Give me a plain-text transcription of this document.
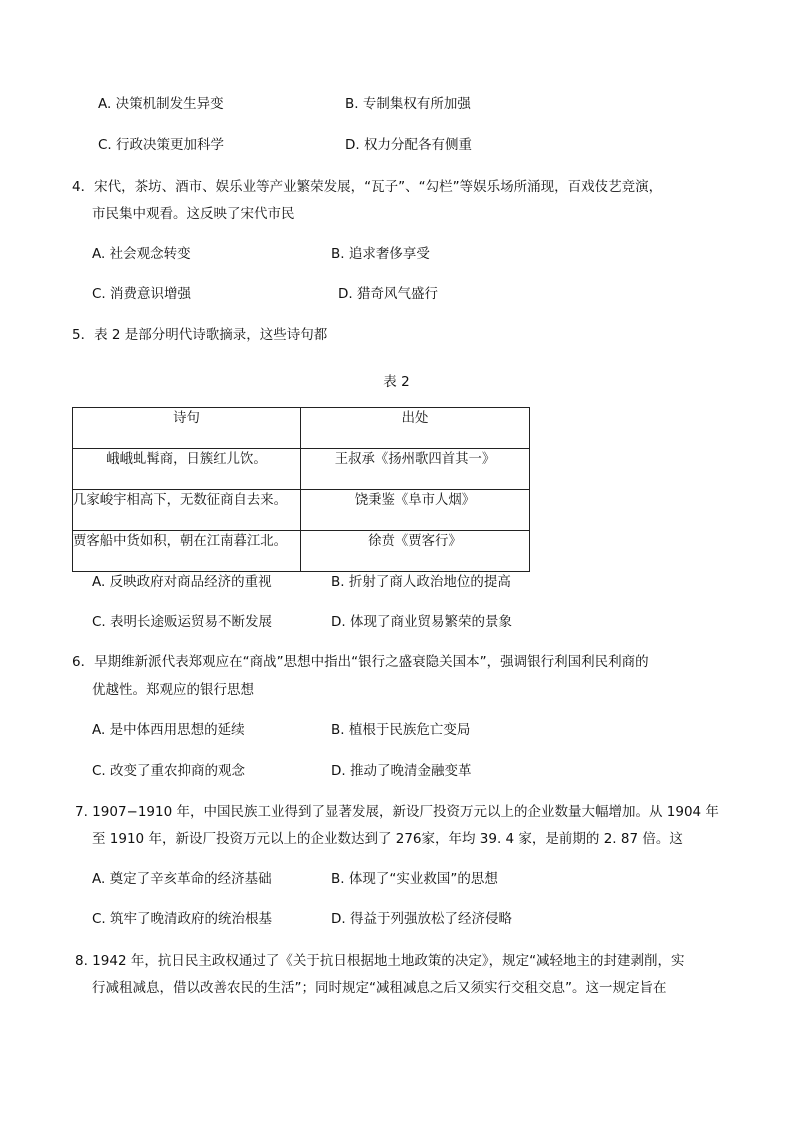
A. 决策机制发生异变	B. 专制集权有所加强
C. 行政决策更加科学	D. 权力分配各有侧重
4．宋代，茶坊、酒市、娱乐业等产业繁荣发展，“瓦子”、“勾栏”等娱乐场所涌现，百戏伎艺竞演，
市民集中观看。这反映了宋代市民
A. 社会观念转变	B. 追求奢侈享受
C. 消费意识增强	D. 猎奇风气盛行
5．表 2 是部分明代诗歌摘录，这些诗句都
表 2
诗句	出处

峨峨虬髯商，日簇红儿饮。	王叔承《扬州歌四首其一》

几家峻宇相高下，无数征商自去来。	饶秉鉴《阜市人烟》

贾客船中货如积，朝在江南暮江北。	徐贲《贾客行》
A. 反映政府对商品经济的重视	B. 折射了商人政治地位的提高
C. 表明长途贩运贸易不断发展	D. 体现了商业贸易繁荣的景象
6．早期维新派代表郑观应在“商战”思想中指出“银行之盛衰隐关国本”，强调银行利国利民利商的
优越性。郑观应的银行思想
A. 是中体西用思想的延续	B. 植根于民族危亡变局
C. 改变了重农抑商的观念	D. 推动了晚清金融变革
7. 1907−1910 年，中国民族工业得到了显著发展，新设厂投资万元以上的企业数量大幅增加。从 1904 年
至 1910 年，新设厂投资万元以上的企业数达到了 276家，年均 39. 4 家，是前期的 2. 87 倍。这
A. 奠定了辛亥革命的经济基础	B. 体现了“实业救国”的思想
C. 筑牢了晚清政府的统治根基	D. 得益于列强放松了经济侵略
8. 1942 年，抗日民主政权通过了《关于抗日根据地土地政策的决定》，规定“减轻地主的封建剥削，实
行减租减息，借以改善农民的生活”；同时规定“减租减息之后又须实行交租交息”。这一规定旨在
